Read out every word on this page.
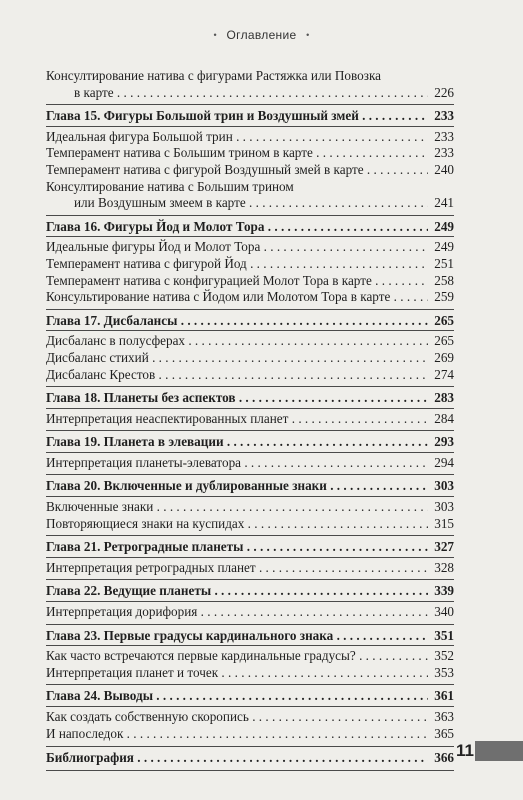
• Оглавление •
Консултирование натива с фигурами Растяжка или Повозка
в карте . . .	226
Глава 15. Фигуры Большой трин и Воздушный змей . . .	233
Идеальная фигура Большой трин . . .	233
Темперамент натива с Большим трином в карте . . .	233
Темперамент натива с фигурой Воздушный змей в карте . . .	240
Консултирование натива с Большим трином
или Воздушным змеем в карте . . .	241
Глава 16. Фигуры Йод и Молот Тора . . .	249
Идеальные фигуры Йод и Молот Тора . . .	249
Темперамент натива с фигурой Йод . . .	251
Темперамент натива с конфигурацией Молот Тора в карте . . .	258
Консультирование натива с Йодом или Молотом Тора в карте . . .	259
Глава 17. Дисбалансы . . .	265
Дисбаланс в полусферах . . .	265
Дисбаланс стихий . . .	269
Дисбаланс Крестов . . .	274
Глава 18. Планеты без аспектов . . .	283
Интерпретация неаспектированных планет . . .	284
Глава 19. Планета в элевации . . .	293
Интерпретация планеты-элеватора . . .	294
Глава 20. Включенные и дублированные знаки . . .	303
Включенные знаки . . .	303
Повторяющиеся знаки на куспидах . . .	315
Глава 21. Ретроградные планеты . . .	327
Интерпретация ретроградных планет . . .	328
Глава 22. Ведущие планеты . . .	339
Интерпретация дорифория . . .	340
Глава 23. Первые градусы кардинального знака . . .	351
Как часто встречаются первые кардинальные градусы? . . .	352
Интерпретация планет и точек . . .	353
Глава 24. Выводы . . .	361
Как создать собственную скоропись . . .	363
И напоследок . . .	365
Библиография . . .	366 11
